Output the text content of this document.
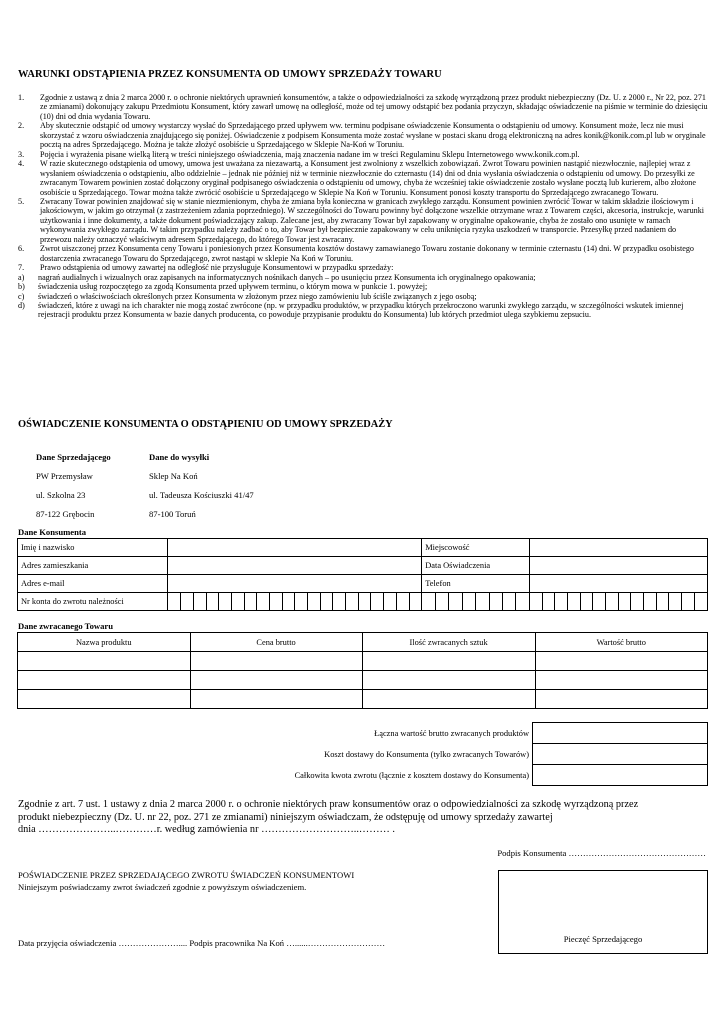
WARUNKI ODSTĄPIENIA PRZEZ KONSUMENTA OD UMOWY SPRZEDAŻY TOWARU
1.	Zgodnie z ustawą z dnia 2 marca 2000 r. o ochronie niektórych uprawnień konsumentów, a także o odpowiedzialności za szkodę wyrządzoną przez produkt niebezpieczny (Dz. U. z 2000 r., Nr 22, poz. 271 ze zmianami) dokonujący zakupu Przedmiotu Konsument, który zawarł umowę na odległość, może od tej umowy odstąpić bez podania przyczyn, składając oświadczenie na piśmie w terminie do dziesięciu (10) dni od dnia wydania Towaru.
2.	Aby skutecznie odstąpić od umowy wystarczy wysłać do Sprzedającego przed upływem ww. terminu podpisane oświadczenie Konsumenta o odstąpieniu od umowy. Konsument może, lecz nie musi skorzystać z wzoru oświadczenia znajdującego się poniżej. Oświadczenie z podpisem Konsumenta może zostać wysłane w postaci skanu drogą elektroniczną na adres konik@konik.com.pl lub w oryginale pocztą na adres Sprzedającego. Można je także złożyć osobiście u Sprzedającego w Sklepie Na-Koń w Toruniu.
3.	Pojęcia i wyrażenia pisane wielką literą w treści niniejszego oświadczenia, mają znaczenia nadane im w treści Regulaminu Sklepu Internetowego www.konik.com.pl.
4.	W razie skutecznego odstąpienia od umowy, umowa jest uważana za niezawartą, a Konsument jest zwolniony z wszelkich zobowiązań. Zwrot Towaru powinien nastąpić niezwłocznie, najlepiej wraz z wysłaniem oświadczenia o odstąpieniu, albo oddzielnie – jednak nie później niż w terminie niezwłocznie do czternastu (14) dni od dnia wysłania oświadczenia o odstąpieniu od umowy. Do przesyłki ze zwracanym Towarem powinien zostać dołączony oryginał podpisanego oświadczenia o odstąpieniu od umowy, chyba że wcześniej takie oświadczenie zostało wysłane pocztą lub kurierem, albo złożone osobiście u Sprzedającego. Towar można także zwrócić osobiście u Sprzedającego w Sklepie Na Koń w Toruniu. Konsument ponosi koszty transportu do Sprzedającego zwracanego Towaru.
5.	Zwracany Towar powinien znajdować się w stanie niezmienionym, chyba że zmiana była konieczna w granicach zwykłego zarządu. Konsument powinien zwrócić Towar w takim składzie ilościowym i jakościowym, w jakim go otrzymał (z zastrzeżeniem zdania poprzedniego). W szczególności do Towaru powinny być dołączone wszelkie otrzymane wraz z Towarem części, akcesoria, instrukcje, warunki użytkowania i inne dokumenty, a także dokument poświadczający zakup. Zalecane jest, aby zwracany Towar był zapakowany w oryginalne opakowanie, chyba że zostało ono usunięte w ramach wykonywania zwykłego zarządu. W takim przypadku należy zadbać o to, aby Towar był bezpiecznie zapakowany w celu uniknięcia ryzyka uszkodzeń w transporcie. Przesyłkę przed nadaniem do przewozu należy oznaczyć właściwym adresem Sprzedającego, do którego Towar jest zwracany.
6.	Zwrot uiszczonej przez Konsumenta ceny Towaru i poniesionych przez Konsumenta kosztów dostawy zamawianego Towaru zostanie dokonany w terminie czternastu (14) dni. W przypadku osobistego dostarczenia zwracanego Towaru do Sprzedającego, zwrot nastąpi w sklepie Na Koń w Toruniu.
7.	Prawo odstąpienia od umowy zawartej na odległość nie przysługuje Konsumentowi w przypadku sprzedaży:
a)	nagrań audialnych i wizualnych oraz zapisanych na informatycznych nośnikach danych – po usunięciu przez Konsumenta ich oryginalnego opakowania;
b)	świadczenia usług rozpoczętego za zgodą Konsumenta przed upływem terminu, o którym mowa w punkcie 1. powyżej;
c)	świadczeń o właściwościach określonych przez Konsumenta w złożonym przez niego zamówieniu lub ściśle związanych z jego osobą;
d)	świadczeń, które z uwagi na ich charakter nie mogą zostać zwrócone (np. w przypadku produktów, w przypadku których przekroczono warunki zwykłego zarządu, w szczególności wskutek imiennej rejestracji produktu przez Konsumenta w bazie danych producenta, co powoduje przypisanie produktu do Konsumenta) lub których przedmiot ulega szybkiemu zepsuciu.
OŚWIADCZENIE KONSUMENTA O ODSTĄPIENIU OD UMOWY SPRZEDAŻY
Dane Sprzedającego
PW Przemysław
ul. Szkolna 23
87-122 Grębocin
Dane do wysyłki
Sklep Na Koń
ul. Tadeusza Kościuszki 41/47
87-100 Toruń
Dane Konsumenta
Imię i nazwisko																					Miejscowość																					
Adres zamieszkania																					Data Oświadczenia																					
Adres e-mail																					Telefon																					
Nr konta do zwrotu należności																																										
Dane zwracanego Towaru
Nazwa produktu	Cena brutto	Ilość zwracanych sztuk	Wartość brutto

Łączna wartość brutto zwracanych produktów	
Koszt dostawy do Konsumenta (tylko zwracanych Towarów)	
Całkowita kwota zwrotu (łącznie z kosztem dostawy do Konsumenta)	
Zgodnie z art. 7 ust. 1 ustawy z dnia 2 marca 2000 r. o ochronie niektórych praw konsumentów oraz o odpowiedzialności za szkodę wyrządzoną przez
produkt niebezpieczny (Dz. U. nr 22, poz. 271 ze zmianami) niniejszym oświadczam, że odstępuję od umowy sprzedaży zawartej
dnia …………………..…………r. według zamówienia nr ………………………..……… .
Podpis Konsumenta …………………………………………
POŚWIADCZENIE PRZEZ SPRZEDAJĄCEGO ZWROTU ŚWIADCZEŃ KONSUMENTOWI
Niniejszym poświadczamy zwrot świadczeń zgodnie z powyższym oświadczeniem.
Data przyjęcia oświadczenia ………………….... Podpis pracownika Na Koń …......………………………	Pieczęć Sprzedającego
